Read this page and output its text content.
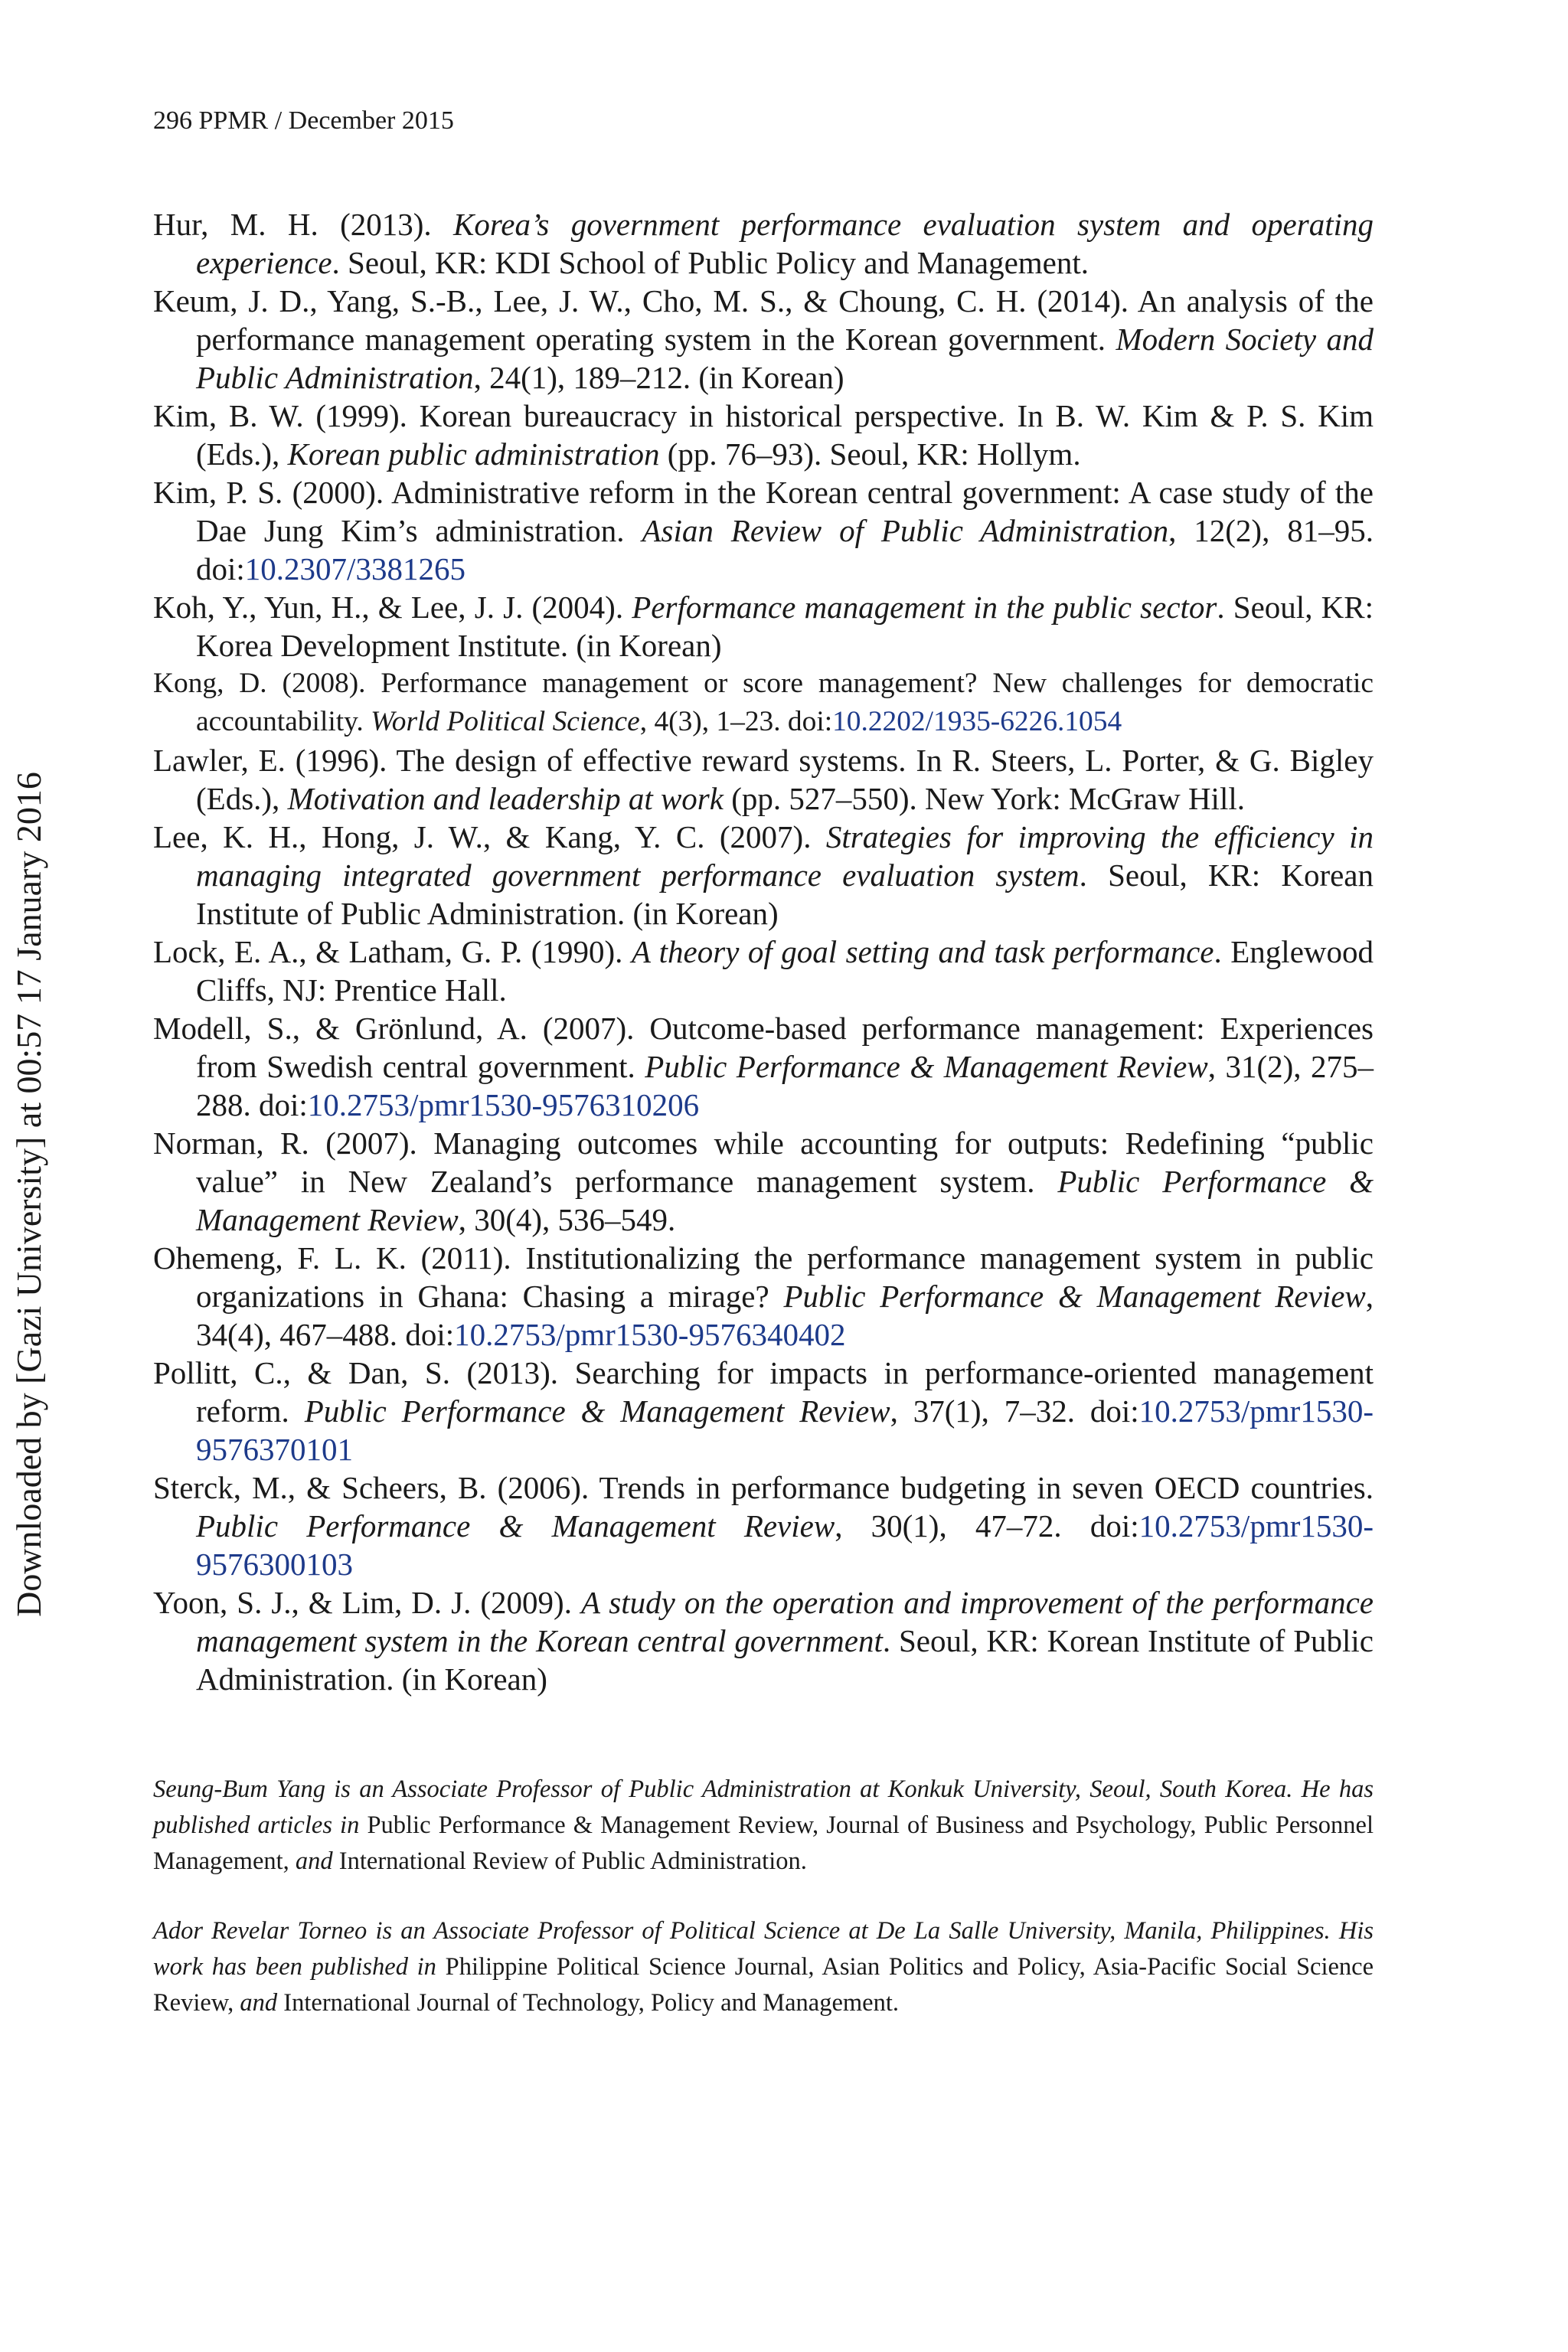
296 PPMR / December 2015
Downloaded by [Gazi University] at 00:57 17 January 2016

Hur, M. H. (2013). Korea’s government performance evaluation system and operating experience. Seoul, KR: KDI School of Public Policy and Management.

Keum, J. D., Yang, S.-B., Lee, J. W., Cho, M. S., & Choung, C. H. (2014). An analysis of the performance management operating system in the Korean government. Modern Society and Public Administration, 24(1), 189–212. (in Korean)

Kim, B. W. (1999). Korean bureaucracy in historical perspective. In B. W. Kim & P. S. Kim (Eds.), Korean public administration (pp. 76–93). Seoul, KR: Hollym.

Kim, P. S. (2000). Administrative reform in the Korean central government: A case study of the Dae Jung Kim’s administration. Asian Review of Public Administration, 12(2), 81–95. doi:10.2307/3381265

Koh, Y., Yun, H., & Lee, J. J. (2004). Performance management in the public sector. Seoul, KR: Korea Development Institute. (in Korean)

Kong, D. (2008). Performance management or score management? New challenges for democratic accountability. World Political Science, 4(3), 1–23. doi:10.2202/1935-6226.1054

Lawler, E. (1996). The design of effective reward systems. In R. Steers, L. Porter, & G. Bigley (Eds.), Motivation and leadership at work (pp. 527–550). New York: McGraw Hill.

Lee, K. H., Hong, J. W., & Kang, Y. C. (2007). Strategies for improving the efficiency in managing integrated government performance evaluation system. Seoul, KR: Korean Institute of Public Administration. (in Korean)

Lock, E. A., & Latham, G. P. (1990). A theory of goal setting and task performance. Englewood Cliffs, NJ: Prentice Hall.

Modell, S., & Grönlund, A. (2007). Outcome-based performance management: Experiences from Swedish central government. Public Performance & Management Review, 31(2), 275–288. doi:10.2753/pmr1530-9576310206

Norman, R. (2007). Managing outcomes while accounting for outputs: Redefining “public value” in New Zealand’s performance management system. Public Performance & Management Review, 30(4), 536–549.

Ohemeng, F. L. K. (2011). Institutionalizing the performance management system in public organizations in Ghana: Chasing a mirage? Public Performance & Management Review, 34(4), 467–488. doi:10.2753/pmr1530-9576340402

Pollitt, C., & Dan, S. (2013). Searching for impacts in performance-oriented management reform. Public Performance & Management Review, 37(1), 7–32. doi:10.2753/pmr1530-9576370101

Sterck, M., & Scheers, B. (2006). Trends in performance budgeting in seven OECD countries. Public Performance & Management Review, 30(1), 47–72. doi:10.2753/pmr1530-9576300103

Yoon, S. J., & Lim, D. J. (2009). A study on the operation and improvement of the performance management system in the Korean central government. Seoul, KR: Korean Institute of Public Administration. (in Korean)

Seung-Bum Yang is an Associate Professor of Public Administration at Konkuk University, Seoul, South Korea. He has published articles in Public Performance & Management Review, Journal of Business and Psychology, Public Personnel Management, and International Review of Public Administration.

Ador Revelar Torneo is an Associate Professor of Political Science at De La Salle University, Manila, Philippines. His work has been published in Philippine Political Science Journal, Asian Politics and Policy, Asia-Pacific Social Science Review, and International Journal of Technology, Policy and Management.
